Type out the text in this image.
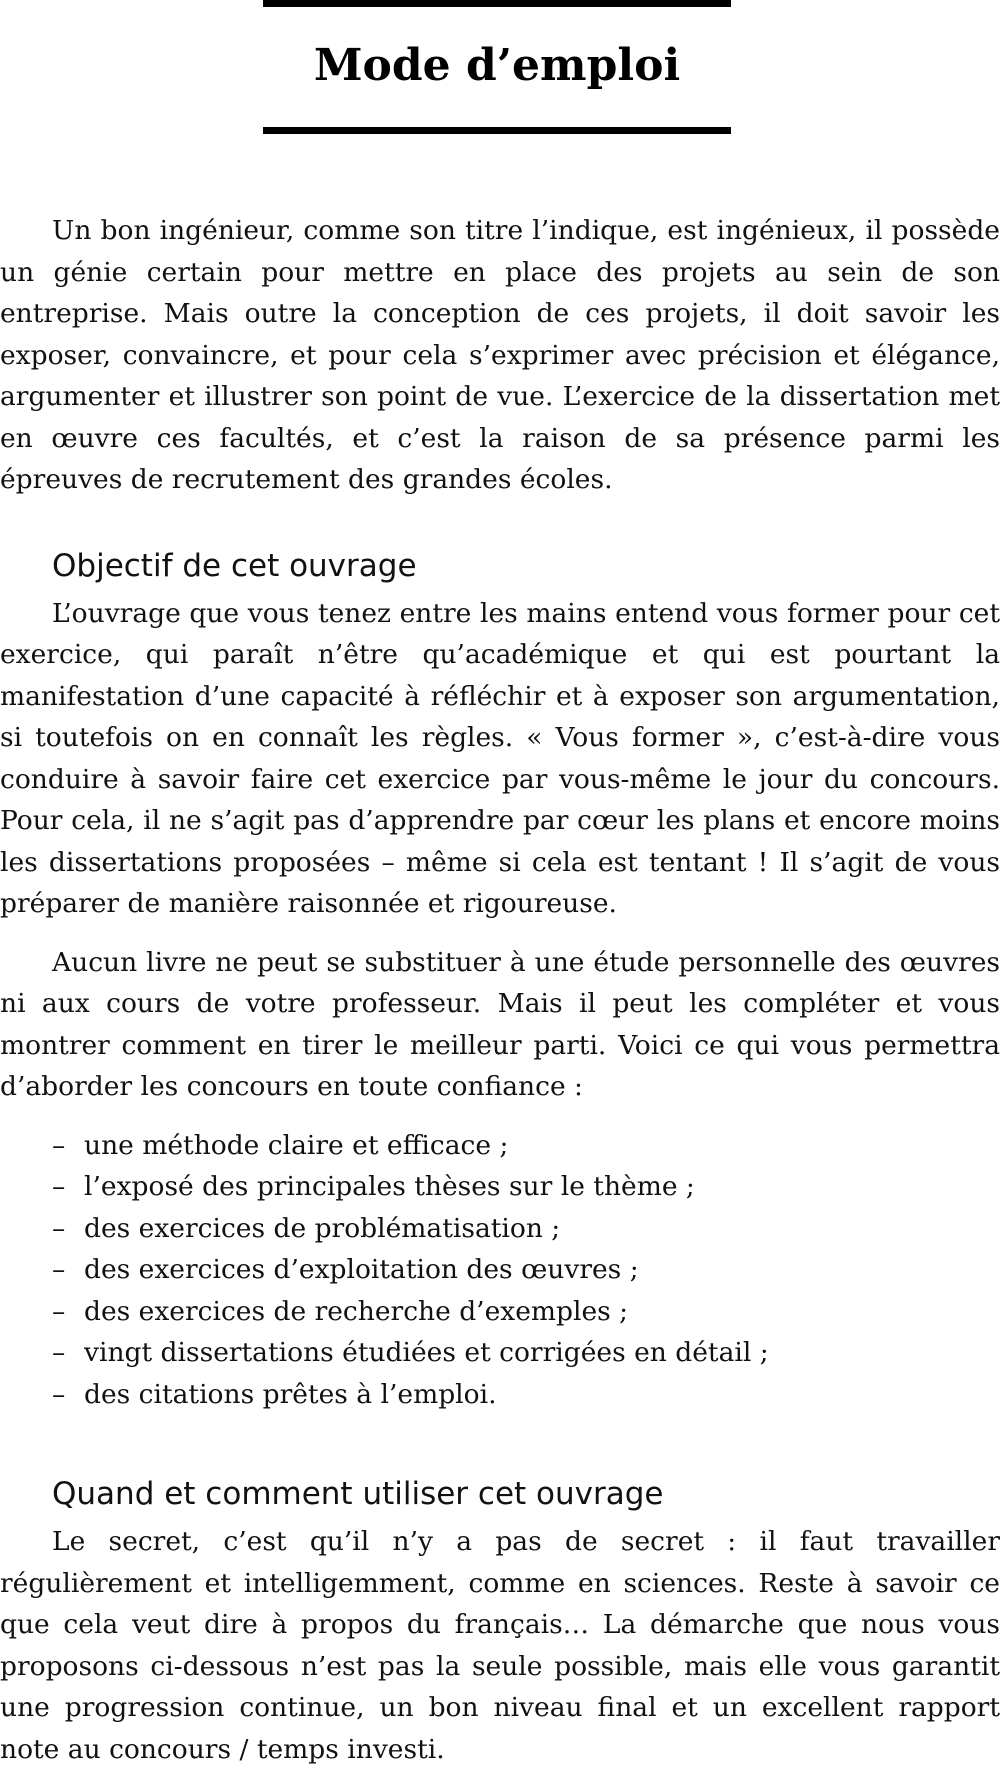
Mode d’emploi

Un bon ingénieur, comme son titre l’indique, est ingénieux, il possède un génie certain pour mettre en place des projets au sein de son entreprise. Mais outre la conception de ces projets, il doit savoir les exposer, convaincre, et pour cela s’exprimer avec précision et élégance, argumenter et illustrer son point de vue. L’exercice de la dissertation met en œuvre ces facultés, et c’est la raison de sa présence parmi les épreuves de recrutement des grandes écoles.

Objectif de cet ouvrage

L’ouvrage que vous tenez entre les mains entend vous former pour cet exercice, qui paraît n’être qu’académique et qui est pourtant la manifestation d’une capacité à réfléchir et à exposer son argumentation, si toutefois on en connaît les règles. « Vous former », c’est-à-dire vous conduire à savoir faire cet exercice par vous-même le jour du concours. Pour cela, il ne s’agit pas d’apprendre par cœur les plans et encore moins les dissertations proposées – même si cela est tentant ! Il s’agit de vous préparer de manière raisonnée et rigoureuse.

Aucun livre ne peut se substituer à une étude personnelle des œuvres ni aux cours de votre professeur. Mais il peut les compléter et vous montrer comment en tirer le meilleur parti. Voici ce qui vous permettra d’aborder les concours en toute confiance :

– une méthode claire et efficace ;
– l’exposé des principales thèses sur le thème ;
– des exercices de problématisation ;
– des exercices d’exploitation des œuvres ;
– des exercices de recherche d’exemples ;
– vingt dissertations étudiées et corrigées en détail ;
– des citations prêtes à l’emploi.
Quand et comment utiliser cet ouvrage

Le secret, c’est qu’il n’y a pas de secret : il faut travailler régulièrement et intelligemment, comme en sciences. Reste à savoir ce que cela veut dire à propos du français… La démarche que nous vous proposons ci-dessous n’est pas la seule possible, mais elle vous garantit une progression continue, un bon niveau final et un excellent rapport note au concours / temps investi.
